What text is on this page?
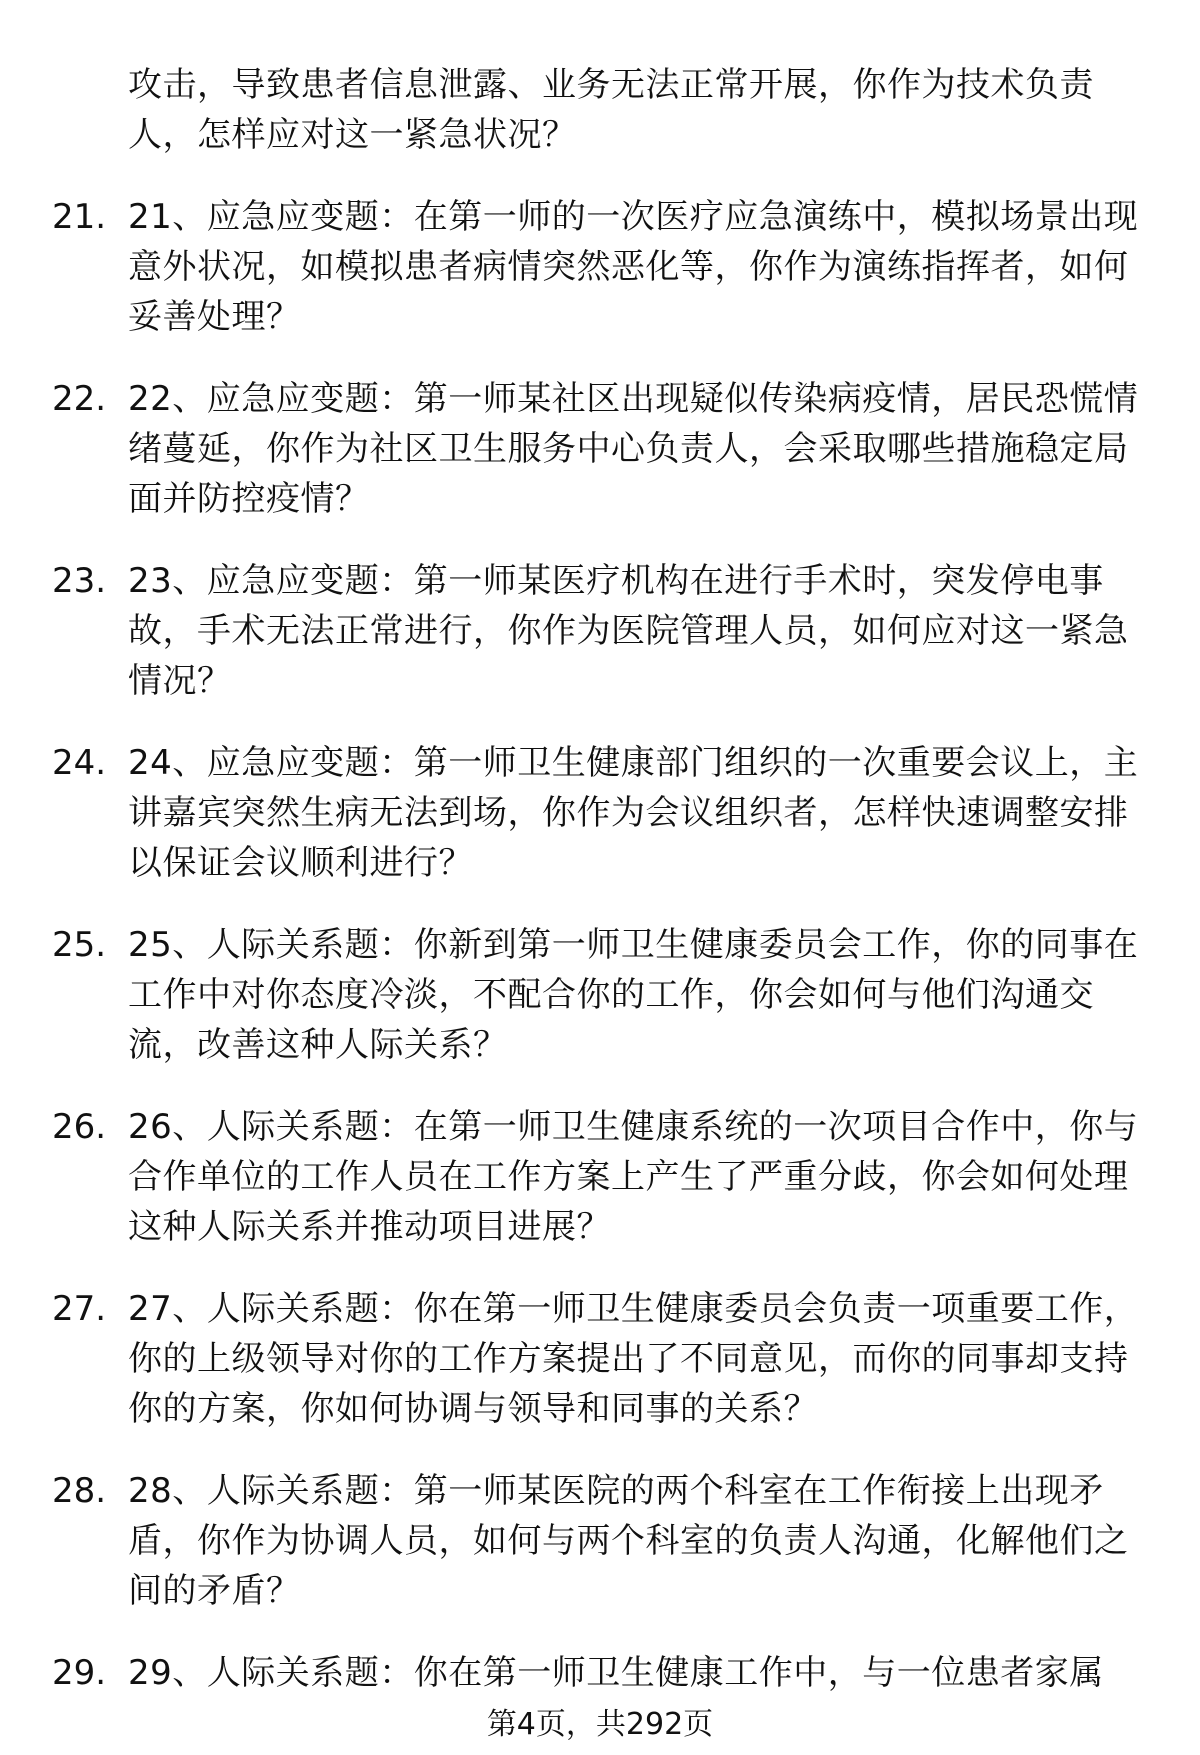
攻击，导致患者信息泄露、业务无法正常开展，你作为技术负责人，怎样应对这一紧急状况？
21. 21、应急应变题：在第一师的一次医疗应急演练中，模拟场景出现意外状况，如模拟患者病情突然恶化等，你作为演练指挥者，如何妥善处理？
22. 22、应急应变题：第一师某社区出现疑似传染病疫情，居民恐慌情绪蔓延，你作为社区卫生服务中心负责人，会采取哪些措施稳定局面并防控疫情？
23. 23、应急应变题：第一师某医疗机构在进行手术时，突发停电事故，手术无法正常进行，你作为医院管理人员，如何应对这一紧急情况？
24. 24、应急应变题：第一师卫生健康部门组织的一次重要会议上，主讲嘉宾突然生病无法到场，你作为会议组织者，怎样快速调整安排以保证会议顺利进行？
25. 25、人际关系题：你新到第一师卫生健康委员会工作，你的同事在工作中对你态度冷淡，不配合你的工作，你会如何与他们沟通交流，改善这种人际关系？
26. 26、人际关系题：在第一师卫生健康系统的一次项目合作中，你与合作单位的工作人员在工作方案上产生了严重分歧，你会如何处理这种人际关系并推动项目进展？
27. 27、人际关系题：你在第一师卫生健康委员会负责一项重要工作，你的上级领导对你的工作方案提出了不同意见，而你的同事却支持你的方案，你如何协调与领导和同事的关系？
28. 28、人际关系题：第一师某医院的两个科室在工作衔接上出现矛盾，你作为协调人员，如何与两个科室的负责人沟通，化解他们之间的矛盾？
29. 29、人际关系题：你在第一师卫生健康工作中，与一位患者家属
第4页，共292页
